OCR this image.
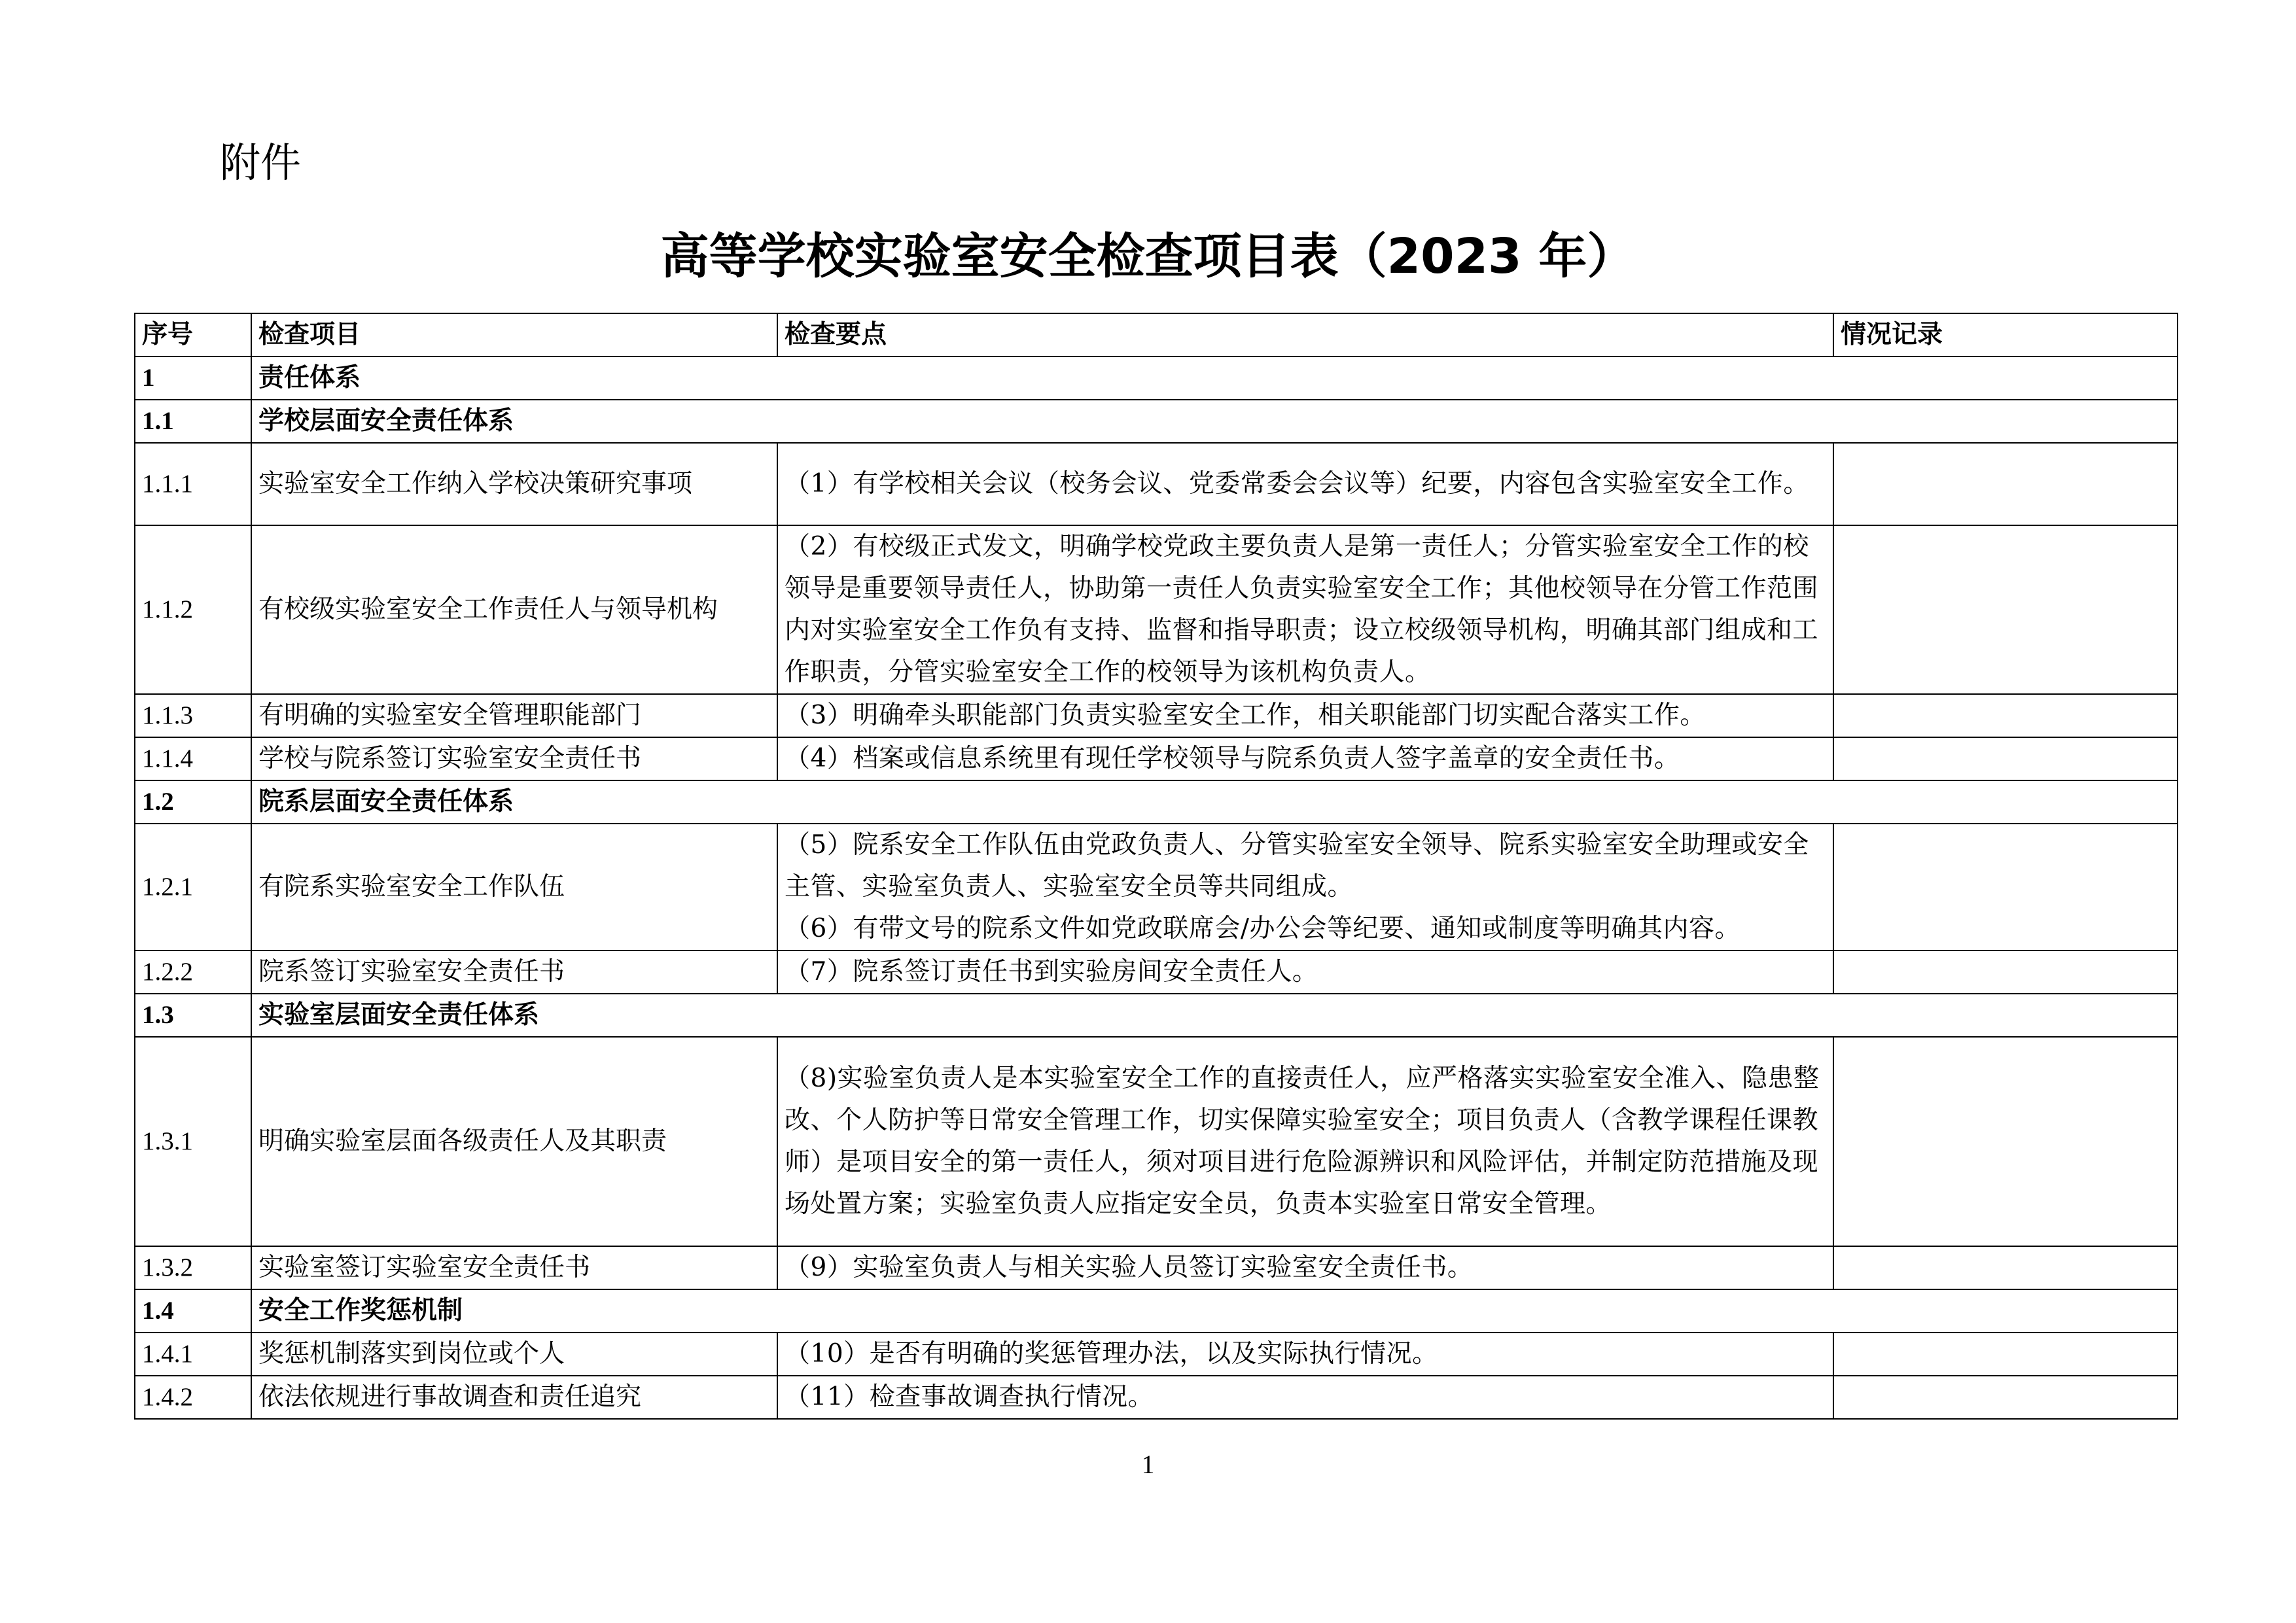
附件
高等学校实验室安全检查项目表（2023 年）
序号	检查项目	检查要点	情况记录
1	责任体系		
1.1	学校层面安全责任体系		
1.1.1	实验室安全工作纳入学校决策研究事项	（1）有学校相关会议（校务会议、党委常委会会议等）纪要，内容包含实验室安全工作。	
1.1.2	有校级实验室安全工作责任人与领导机构	（2）有校级正式发文，明确学校党政主要负责人是第一责任人；分管实验室安全工作的校领导是重要领导责任人，协助第一责任人负责实验室安全工作；其他校领导在分管工作范围内对实验室安全工作负有支持、监督和指导职责；设立校级领导机构，明确其部门组成和工作职责，分管实验室安全工作的校领导为该机构负责人。	
1.1.3	有明确的实验室安全管理职能部门	（3）明确牵头职能部门负责实验室安全工作，相关职能部门切实配合落实工作。	
1.1.4	学校与院系签订实验室安全责任书	（4）档案或信息系统里有现任学校领导与院系负责人签字盖章的安全责任书。	
1.2	院系层面安全责任体系		
1.2.1	有院系实验室安全工作队伍	（5）院系安全工作队伍由党政负责人、分管实验室安全领导、院系实验室安全助理或安全主管、实验室负责人、实验室安全员等共同组成。
（6）有带文号的院系文件如党政联席会/办公会等纪要、通知或制度等明确其内容。	

1.2.2	院系签订实验室安全责任书	（7）院系签订责任书到实验房间安全责任人。	
1.3	实验室层面安全责任体系		
1.3.1	明确实验室层面各级责任人及其职责	（8)实验室负责人是本实验室安全工作的直接责任人，应严格落实实验室安全准入、隐患整改、个人防护等日常安全管理工作，切实保障实验室安全；项目负责人（含教学课程任课教师）是项目安全的第一责任人，须对项目进行危险源辨识和风险评估，并制定防范措施及现场处置方案；实验室负责人应指定安全员，负责本实验室日常安全管理。	
1.3.2	实验室签订实验室安全责任书	（9）实验室负责人与相关实验人员签订实验室安全责任书。	
1.4	安全工作奖惩机制		
1.4.1	奖惩机制落实到岗位或个人	（10）是否有明确的奖惩管理办法，以及实际执行情况。	
1.4.2	依法依规进行事故调查和责任追究	（11）检查事故调查执行情况。	
1
